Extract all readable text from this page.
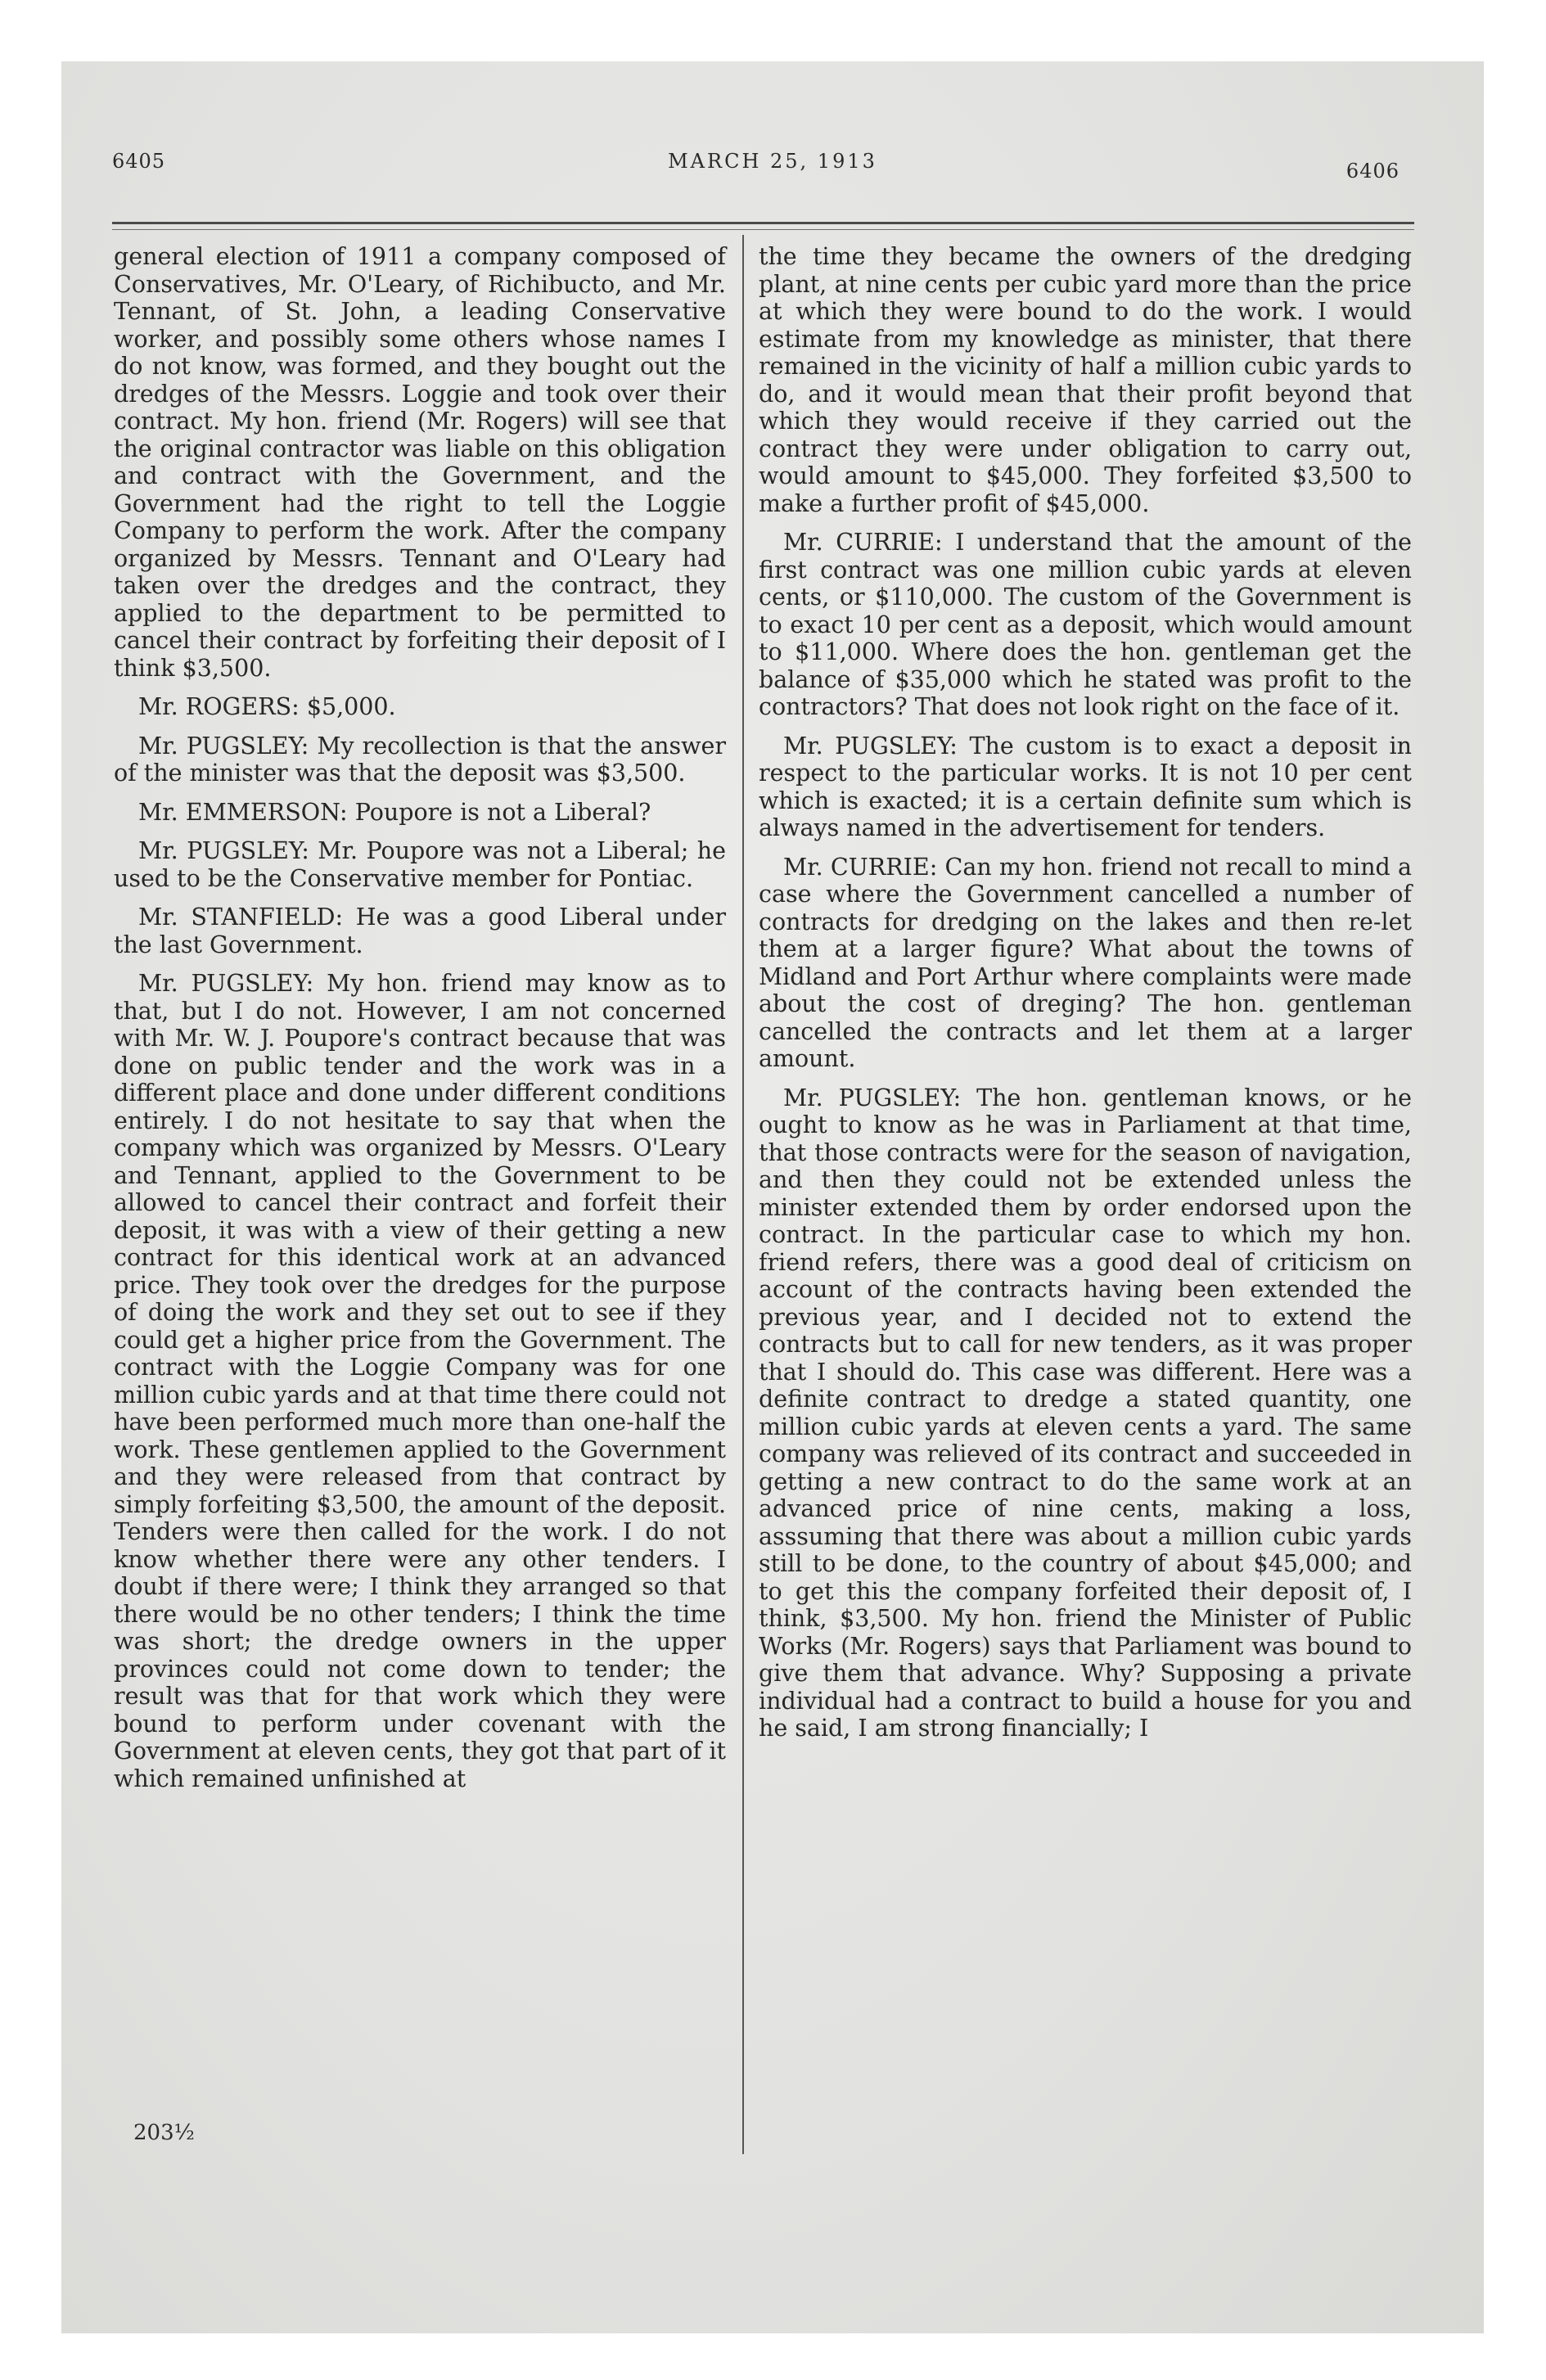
6405	MARCH 25, 1913	6406

general election of 1911 a company composed of Conservatives, Mr. O'Leary, of Richibucto, and Mr. Tennant, of St. John, a leading Conservative worker, and possibly some others whose names I do not know, was formed, and they bought out the dredges of the Messrs. Loggie and took over their contract. My hon. friend (Mr. Rogers) will see that the original contractor was liable on this obligation and contract with the Government, and the Government had the right to tell the Loggie Company to perform the work. After the company organized by Messrs. Tennant and O'Leary had taken over the dredges and the contract, they applied to the department to be permitted to cancel their contract by forfeiting their deposit of I think $3,500.

Mr. ROGERS: $5,000.

Mr. PUGSLEY: My recollection is that the answer of the minister was that the deposit was $3,500.

Mr. EMMERSON: Poupore is not a Liberal?

Mr. PUGSLEY: Mr. Poupore was not a Liberal; he used to be the Conservative member for Pontiac.

Mr. STANFIELD: He was a good Liberal under the last Government.

Mr. PUGSLEY: My hon. friend may know as to that, but I do not. However, I am not concerned with Mr. W. J. Poupore's contract because that was done on public tender and the work was in a different place and done under different conditions entirely. I do not hesitate to say that when the company which was organized by Messrs. O'Leary and Tennant, applied to the Government to be allowed to cancel their contract and forfeit their deposit, it was with a view of their getting a new contract for this identical work at an advanced price. They took over the dredges for the purpose of doing the work and they set out to see if they could get a higher price from the Government. The contract with the Loggie Company was for one million cubic yards and at that time there could not have been performed much more than one-half the work. These gentlemen applied to the Government and they were released from that contract by simply forfeiting $3,500, the amount of the deposit. Tenders were then called for the work. I do not know whether there were any other tenders. I doubt if there were; I think they arranged so that there would be no other tenders; I think the time was short; the dredge owners in the upper provinces could not come down to tender; the result was that for that work which they were bound to perform under covenant with the Government at eleven cents, they got that part of it which remained unfinished at

the time they became the owners of the dredging plant, at nine cents per cubic yard more than the price at which they were bound to do the work. I would estimate from my knowledge as minister, that there remained in the vicinity of half a million cubic yards to do, and it would mean that their profit beyond that which they would receive if they carried out the contract they were under obligation to carry out, would amount to $45,000. They forfeited $3,500 to make a further profit of $45,000.

Mr. CURRIE: I understand that the amount of the first contract was one million cubic yards at eleven cents, or $110,000. The custom of the Government is to exact 10 per cent as a deposit, which would amount to $11,000. Where does the hon. gentleman get the balance of $35,000 which he stated was profit to the contractors? That does not look right on the face of it.

Mr. PUGSLEY: The custom is to exact a deposit in respect to the particular works. It is not 10 per cent which is exacted; it is a certain definite sum which is always named in the advertisement for tenders.

Mr. CURRIE: Can my hon. friend not recall to mind a case where the Government cancelled a number of contracts for dredging on the lakes and then re-let them at a larger figure? What about the towns of Midland and Port Arthur where complaints were made about the cost of dreging? The hon. gentleman cancelled the contracts and let them at a larger amount.

Mr. PUGSLEY: The hon. gentleman knows, or he ought to know as he was in Parliament at that time, that those contracts were for the season of navigation, and then they could not be extended unless the minister extended them by order endorsed upon the contract. In the particular case to which my hon. friend refers, there was a good deal of criticism on account of the contracts having been extended the previous year, and I decided not to extend the contracts but to call for new tenders, as it was proper that I should do. This case was different. Here was a definite contract to dredge a stated quantity, one million cubic yards at eleven cents a yard. The same company was relieved of its contract and succeeded in getting a new contract to do the same work at an advanced price of nine cents, making a loss, asssuming that there was about a million cubic yards still to be done, to the country of about $45,000; and to get this the company forfeited their deposit of, I think, $3,500. My hon. friend the Minister of Public Works (Mr. Rogers) says that Parliament was bound to give them that advance. Why? Supposing a private individual had a contract to build a house for you and he said, I am strong financially; I

203½
